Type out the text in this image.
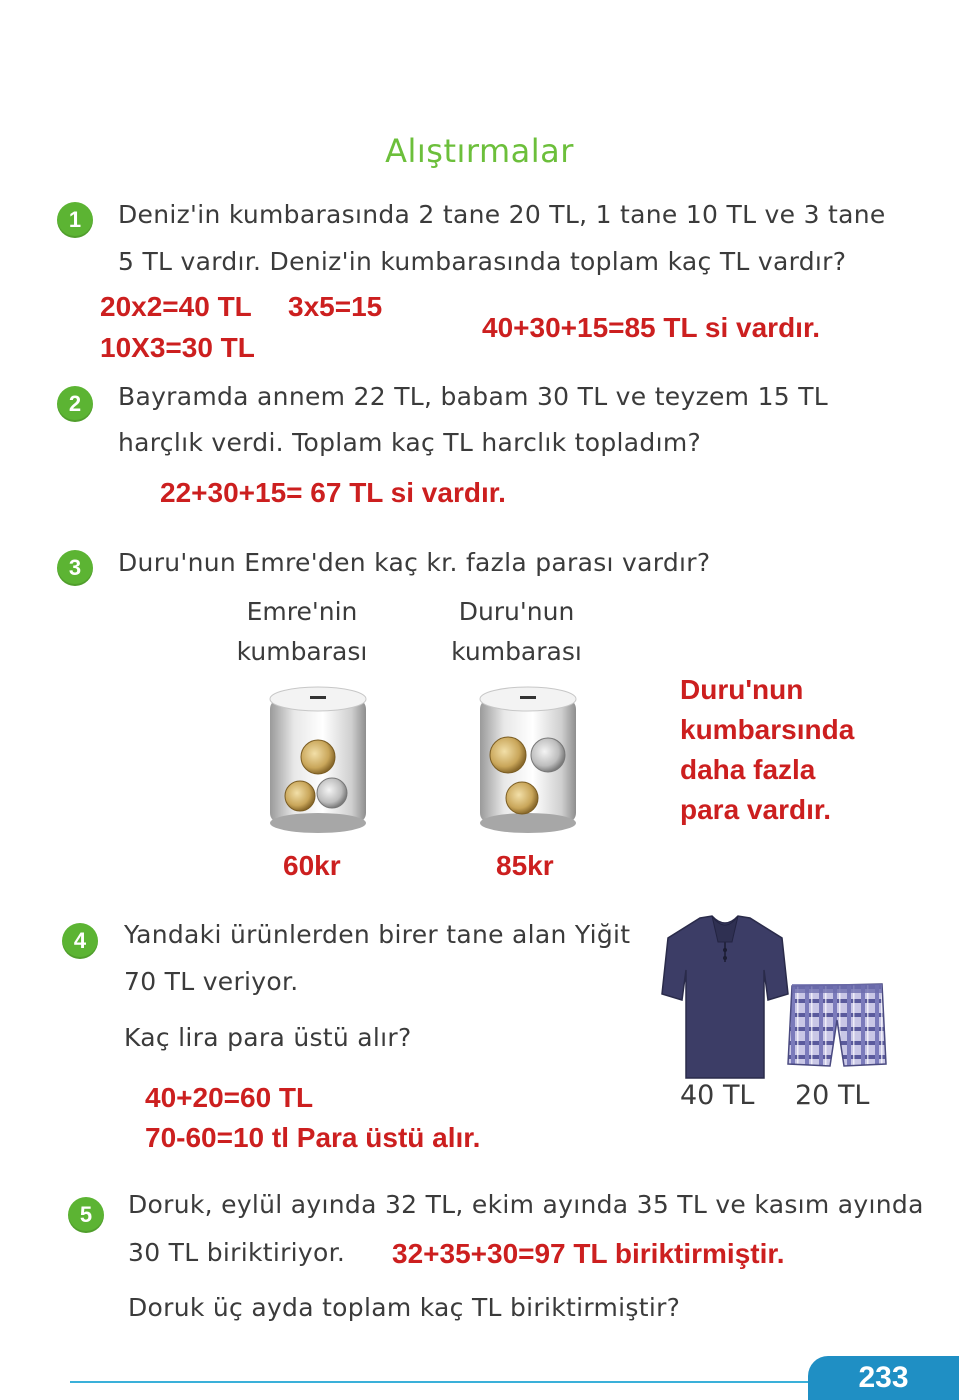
Alıştırmalar
1	Deniz'in kumbarasında 2 tane 20 TL, 1 tane 10 TL ve 3 tane
5 TL vardır. Deniz'in kumbarasında toplam kaç TL vardır?
20x2=40 TL 3x5=15
10X3=30 TL
40+30+15=85 TL si vardır.
2	Bayramda annem 22 TL, babam 30 TL ve teyzem 15 TL
harçlık verdi. Toplam kaç TL harclık topladım?
22+30+15= 67 TL si vardır.
3	Duru'nun Emre'den kaç kr. fazla parası vardır?
Emre'nin
kumbarası
Duru'nun
kumbarası
60kr	85kr
Duru'nun
kumbarsında
daha fazla
para vardır.
4	Yandaki ürünlerden birer tane alan Yiğit
70 TL veriyor.
Kaç lira para üstü alır?
40 TL 20 TL
40+20=60 TL
70-60=10 tl Para üstü alır.
5	Doruk, eylül ayında 32 TL, ekim ayında 35 TL ve kasım ayında
30 TL biriktiriyor. 32+35+30=97 TL biriktirmiştir.
Doruk üç ayda toplam kaç TL biriktirmiştir?
233
